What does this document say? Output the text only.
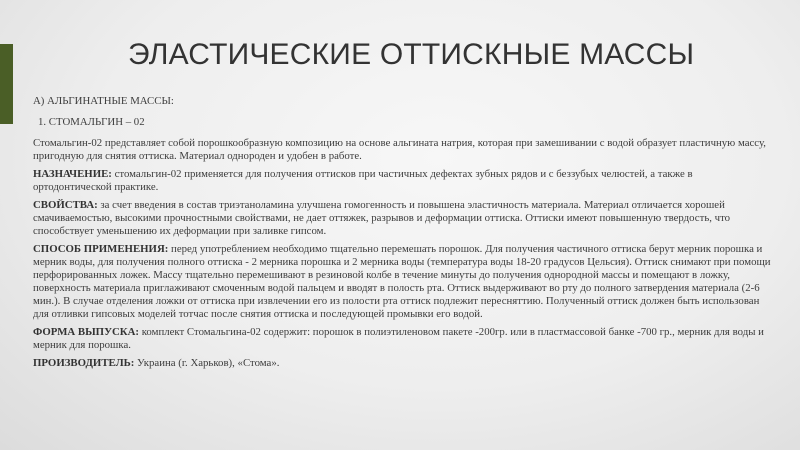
ЭЛАСТИЧЕСКИЕ ОТТИСКНЫЕ МАССЫ

А) АЛЬГИНАТНЫЕ МАССЫ:

1. СТОМАЛЬГИН – 02

Стомальгин-02 представляет собой порошкообразную композицию на основе альгината натрия, которая при замешивании с водой образует пластичную массу, пригодную для снятия оттиска. Материал однороден и удобен в работе.

НАЗНАЧЕНИЕ: стомальгин-02 применяется для получения оттисков при частичных дефектах зубных рядов и с беззубых челюстей, а также в ортодонтической практике.

СВОЙСТВА: за счет введения в состав триэтаноламина улучшена гомогенность и повышена эластичность материала. Материал отличается хорошей смачиваемостью, высокими прочностными свойствами, не дает оттяжек, разрывов и деформации оттиска. Оттиски имеют повышенную твердость, что способствует уменьшению их деформации при заливке гипсом.

СПОСОБ ПРИМЕНЕНИЯ: перед употреблением необходимо тщательно перемешать порошок. Для получения частичного оттиска берут мерник порошка и мерник воды, для получения полного оттиска - 2 мерника порошка и 2 мерника воды (температура воды 18-20 градусов Цельсия). Оттиск снимают при помощи перфорированных ложек. Массу тщательно перемешивают в резиновой колбе в течение минуты до получения однородной массы и помещают в ложку, поверхность материала приглаживают смоченным водой пальцем и вводят в полость рта. Оттиск выдерживают во рту до полного затвердения материала (2-6 мин.). В случае отделения ложки от оттиска при извлечении его из полости рта оттиск подлежит пересняттию. Полученный оттиск должен быть использован для отливки гипсовых моделей тотчас после снятия оттиска и последующей промывки его водой.

ФОРМА ВЫПУСКА: комплект Стомальгина-02 содержит: порошок в полиэтиленовом пакете -200гр. или в пластмассовой банке -700 гр., мерник для воды и мерник для порошка.

ПРОИЗВОДИТЕЛЬ: Украина (г. Харьков), «Стома».
